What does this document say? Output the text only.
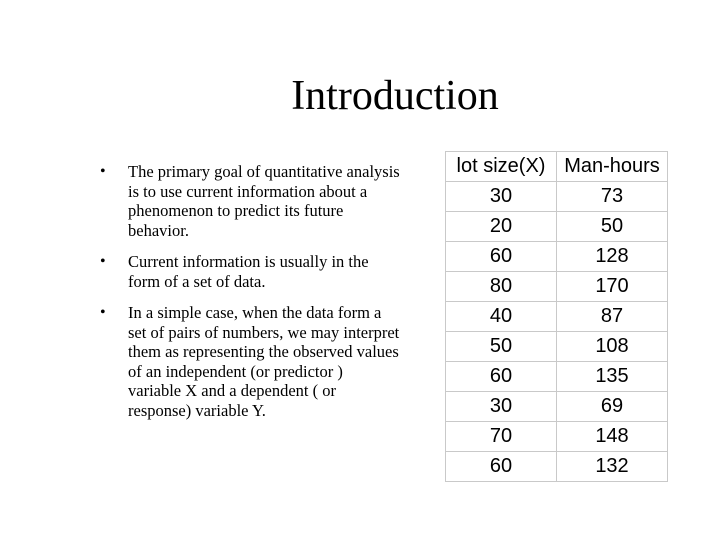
Introduction
•	The primary goal of quantitative analysis is to use current information about a phenomenon to predict its future behavior.
•	Current information is usually in the form of a set of data.
•	In a simple case, when the data form a set of pairs of numbers, we may interpret them as representing the observed values of an independent (or predictor ) variable X and a dependent ( or response) variable Y.
lot size(X)	Man-hours
30	73
20	50
60	128
80	170
40	87
50	108
60	135
30	69
70	148
60	132
